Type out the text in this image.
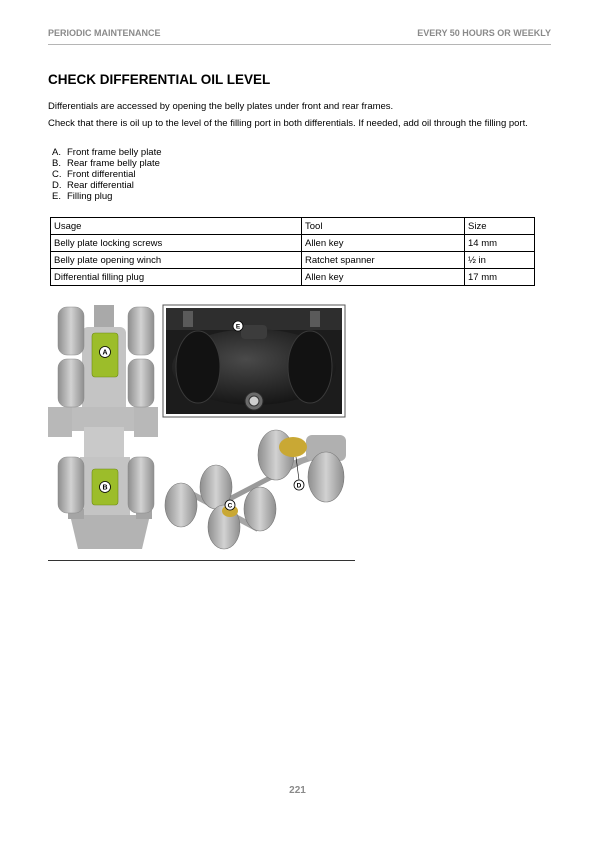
PERIODIC MAINTENANCE	EVERY 50 HOURS OR WEEKLY
CHECK DIFFERENTIAL OIL LEVEL

Differentials are accessed by opening the belly plates under front and rear frames.

Check that there is oil up to the level of the filling port in both differentials. If needed, add oil through the filling port.

A. Front frame belly plate
B. Rear frame belly plate
C. Front differential
D. Rear differential
E. Filling plug
Usage	Tool	Size
Belly plate locking screws	Allen key	14 mm
Belly plate opening winch	Ratchet spanner	½ in
Differential filling plug	Allen key	17 mm
A
B
E
C
D
221
